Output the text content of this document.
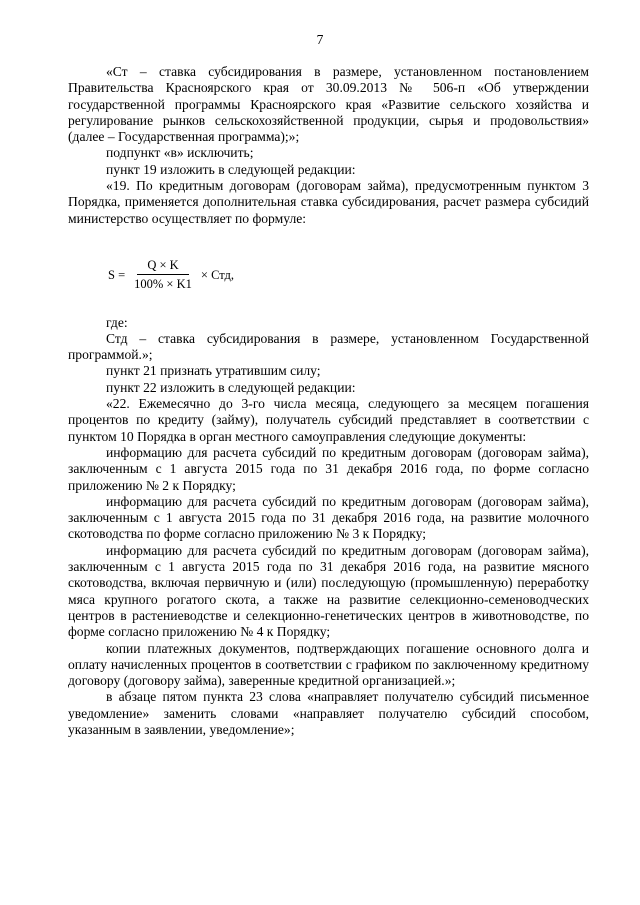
7

«Ст – ставка субсидирования в размере, установленном постановлением Правительства Красноярского края от 30.09.2013 № 506-п «Об утверждении государственной программы Красноярского края «Развитие сельского хозяйства и регулирование рынков сельскохозяйственной продукции, сырья и продовольствия» (далее – Государственная программа);»;

подпункт «в» исключить;

пункт 19 изложить в следующей редакции:

«19. По кредитным договорам (договорам займа), предусмотренным пунктом 3 Порядка, применяется дополнительная ставка субсидирования, расчет размера субсидий министерство осуществляет по формуле:

$S = \frac{Q \times K}{100\% \times K1}$ × Стд,

где:

Стд – ставка субсидирования в размере, установленном Государственной программой.»;

пункт 21 признать утратившим силу;

пункт 22 изложить в следующей редакции:

«22. Ежемесячно до 3-го числа месяца, следующего за месяцем погашения процентов по кредиту (займу), получатель субсидий представляет в соответствии с пунктом 10 Порядка в орган местного самоуправления следующие документы:

информацию для расчета субсидий по кредитным договорам (договорам займа), заключенным с 1 августа 2015 года по 31 декабря 2016 года, по форме согласно приложению № 2 к Порядку;

информацию для расчета субсидий по кредитным договорам (договорам займа), заключенным с 1 августа 2015 года по 31 декабря 2016 года, на развитие молочного скотоводства по форме согласно приложению № 3 к Порядку;

информацию для расчета субсидий по кредитным договорам (договорам займа), заключенным с 1 августа 2015 года по 31 декабря 2016 года, на развитие мясного скотоводства, включая первичную и (или) последующую (промышленную) переработку мяса крупного рогатого скота, а также на развитие селекционно-семеноводческих центров в растениеводстве и селекционно-генетических центров в животноводстве, по форме согласно приложению № 4 к Порядку;

копии платежных документов, подтверждающих погашение основного долга и оплату начисленных процентов в соответствии с графиком по заключенному кредитному договору (договору займа), заверенные кредитной организацией.»;

в абзаце пятом пункта 23 слова «направляет получателю субсидий письменное уведомление» заменить словами «направляет получателю субсидий способом, указанным в заявлении, уведомление»;
